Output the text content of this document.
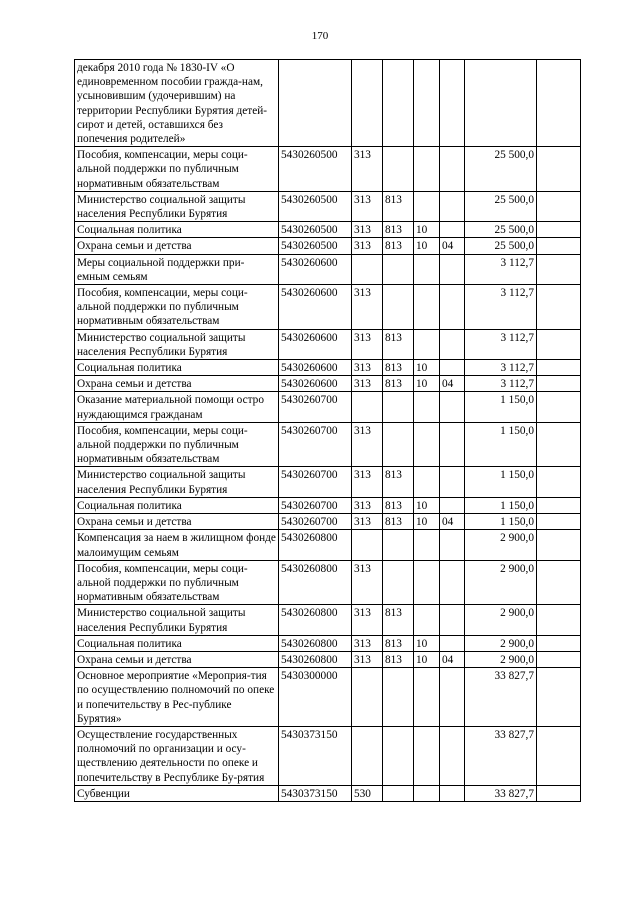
170
декабря 2010 года № 1830-IV «О единовременном пособии гражда-нам, усыновившим (удочерившим) на территории Республики Бурятия детей-сирот и детей, оставшихся без попечения родителей»							
Пособия, компенсации, меры соци-альной поддержки по публичным нормативным обязательствам	5430260500	313				25 500,0	
Министерство социальной защиты населения Республики Бурятия	5430260500	313	813			25 500,0	
Социальная политика	5430260500	313	813	10		25 500,0	
Охрана семьи и детства	5430260500	313	813	10	04	25 500,0	
Меры социальной поддержки при-емным семьям	5430260600					3 112,7	
Пособия, компенсации, меры соци-альной поддержки по публичным нормативным обязательствам	5430260600	313				3 112,7	
Министерство социальной защиты населения Республики Бурятия	5430260600	313	813			3 112,7	
Социальная политика	5430260600	313	813	10		3 112,7	
Охрана семьи и детства	5430260600	313	813	10	04	3 112,7	
Оказание материальной помощи остро нуждающимся гражданам	5430260700					1 150,0	
Пособия, компенсации, меры соци-альной поддержки по публичным нормативным обязательствам	5430260700	313				1 150,0	
Министерство социальной защиты населения Республики Бурятия	5430260700	313	813			1 150,0	
Социальная политика	5430260700	313	813	10		1 150,0	
Охрана семьи и детства	5430260700	313	813	10	04	1 150,0	
Компенсация за наем в жилищном фонде малоимущим семьям	5430260800					2 900,0	
Пособия, компенсации, меры соци-альной поддержки по публичным нормативным обязательствам	5430260800	313				2 900,0	
Министерство социальной защиты населения Республики Бурятия	5430260800	313	813			2 900,0	
Социальная политика	5430260800	313	813	10		2 900,0	
Охрана семьи и детства	5430260800	313	813	10	04	2 900,0	
Основное мероприятие «Мероприя-тия по осуществлению полномочий по опеке и попечительству в Рес-публике Бурятия»	5430300000					33 827,7	
Осуществление государственных полномочий по организации и осу-ществлению деятельности по опеке и попечительству в Республике Бу-рятия	5430373150					33 827,7	
Субвенции	5430373150	530				33 827,7	
